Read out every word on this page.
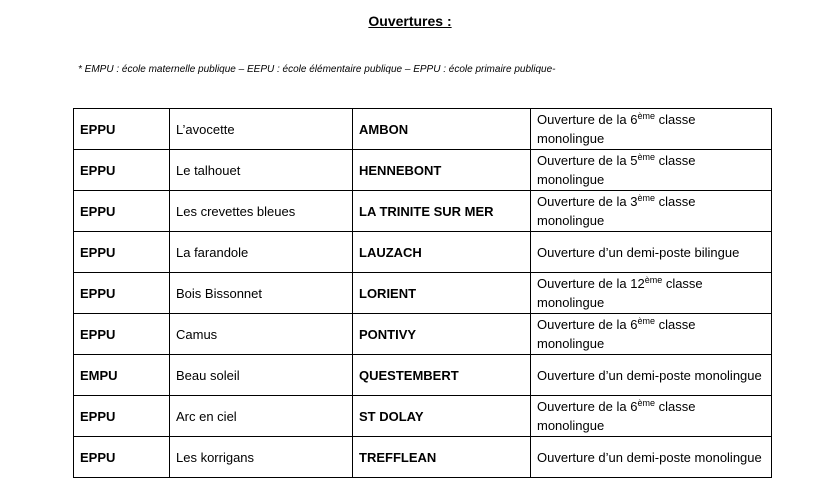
Ouvertures :
* EMPU : école maternelle publique – EEPU : école élémentaire publique – EPPU : école primaire publique-
EPPU	L’avocette	AMBON	Ouverture de la 6ème classe monolingue
EPPU	Le talhouet	HENNEBONT	Ouverture de la 5ème classe monolingue
EPPU	Les crevettes bleues	LA TRINITE SUR MER	Ouverture de la 3ème classe monolingue
EPPU	La farandole	LAUZACH	Ouverture d’un demi-poste bilingue
EPPU	Bois Bissonnet	LORIENT	Ouverture de la 12ème classe monolingue
EPPU	Camus	PONTIVY	Ouverture de la 6ème classe monolingue
EMPU	Beau soleil	QUESTEMBERT	Ouverture d’un demi-poste monolingue
EPPU	Arc en ciel	ST DOLAY	Ouverture de la 6ème classe monolingue
EPPU	Les korrigans	TREFFLEAN	Ouverture d’un demi-poste monolingue
